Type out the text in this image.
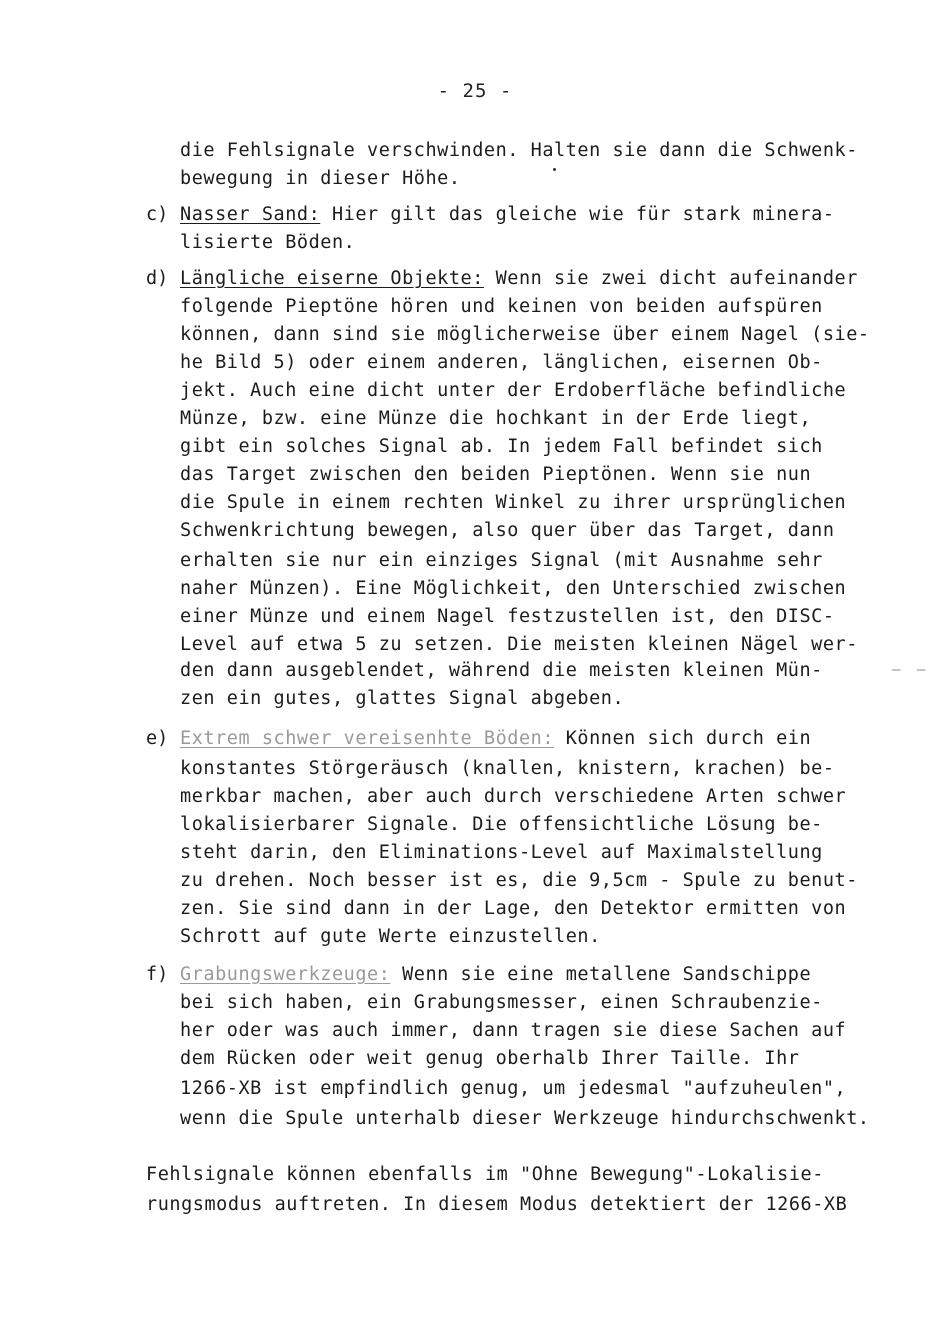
- 25 -
die Fehlsignale verschwinden. Halten sie dann die Schwenk-
bewegung in dieser Höhe.
c) Nasser Sand: Hier gilt das gleiche wie für stark minera-
lisierte Böden.
d) Längliche eiserne Objekte: Wenn sie zwei dicht aufeinander
folgende Pieptöne hören und keinen von beiden aufspüren
können, dann sind sie möglicherweise über einem Nagel (sie-
he Bild 5) oder einem anderen, länglichen, eisernen Ob-
jekt. Auch eine dicht unter der Erdoberfläche befindliche
Münze, bzw. eine Münze die hochkant in der Erde liegt,
gibt ein solches Signal ab. In jedem Fall befindet sich
das Target zwischen den beiden Pieptönen. Wenn sie nun
die Spule in einem rechten Winkel zu ihrer ursprünglichen
Schwenkrichtung bewegen, also quer über das Target, dann
erhalten sie nur ein einziges Signal (mit Ausnahme sehr
naher Münzen). Eine Möglichkeit, den Unterschied zwischen
einer Münze und einem Nagel festzustellen ist, den DISC-
Level auf etwa 5 zu setzen. Die meisten kleinen Nägel wer-
den dann ausgeblendet, während die meisten kleinen Mün-
zen ein gutes, glattes Signal abgeben.
— —
e) Extrem schwer vereisenhte Böden: Können sich durch ein
konstantes Störgeräusch (knallen, knistern, krachen) be-
merkbar machen, aber auch durch verschiedene Arten schwer
lokalisierbarer Signale. Die offensichtliche Lösung be-
steht darin, den Eliminations-Level auf Maximalstellung
zu drehen. Noch besser ist es, die 9,5cm - Spule zu benut-
zen. Sie sind dann in der Lage, den Detektor ermitten von
Schrott auf gute Werte einzustellen.
f) Grabungswerkzeuge: Wenn sie eine metallene Sandschippe
bei sich haben, ein Grabungsmesser, einen Schraubenzie-
her oder was auch immer, dann tragen sie diese Sachen auf
dem Rücken oder weit genug oberhalb Ihrer Taille. Ihr
1266-XB ist empfindlich genug, um jedesmal "aufzuheulen",
wenn die Spule unterhalb dieser Werkzeuge hindurchschwenkt.
Fehlsignale können ebenfalls im "Ohne Bewegung"-Lokalisie-
rungsmodus auftreten. In diesem Modus detektiert der 1266-XB
